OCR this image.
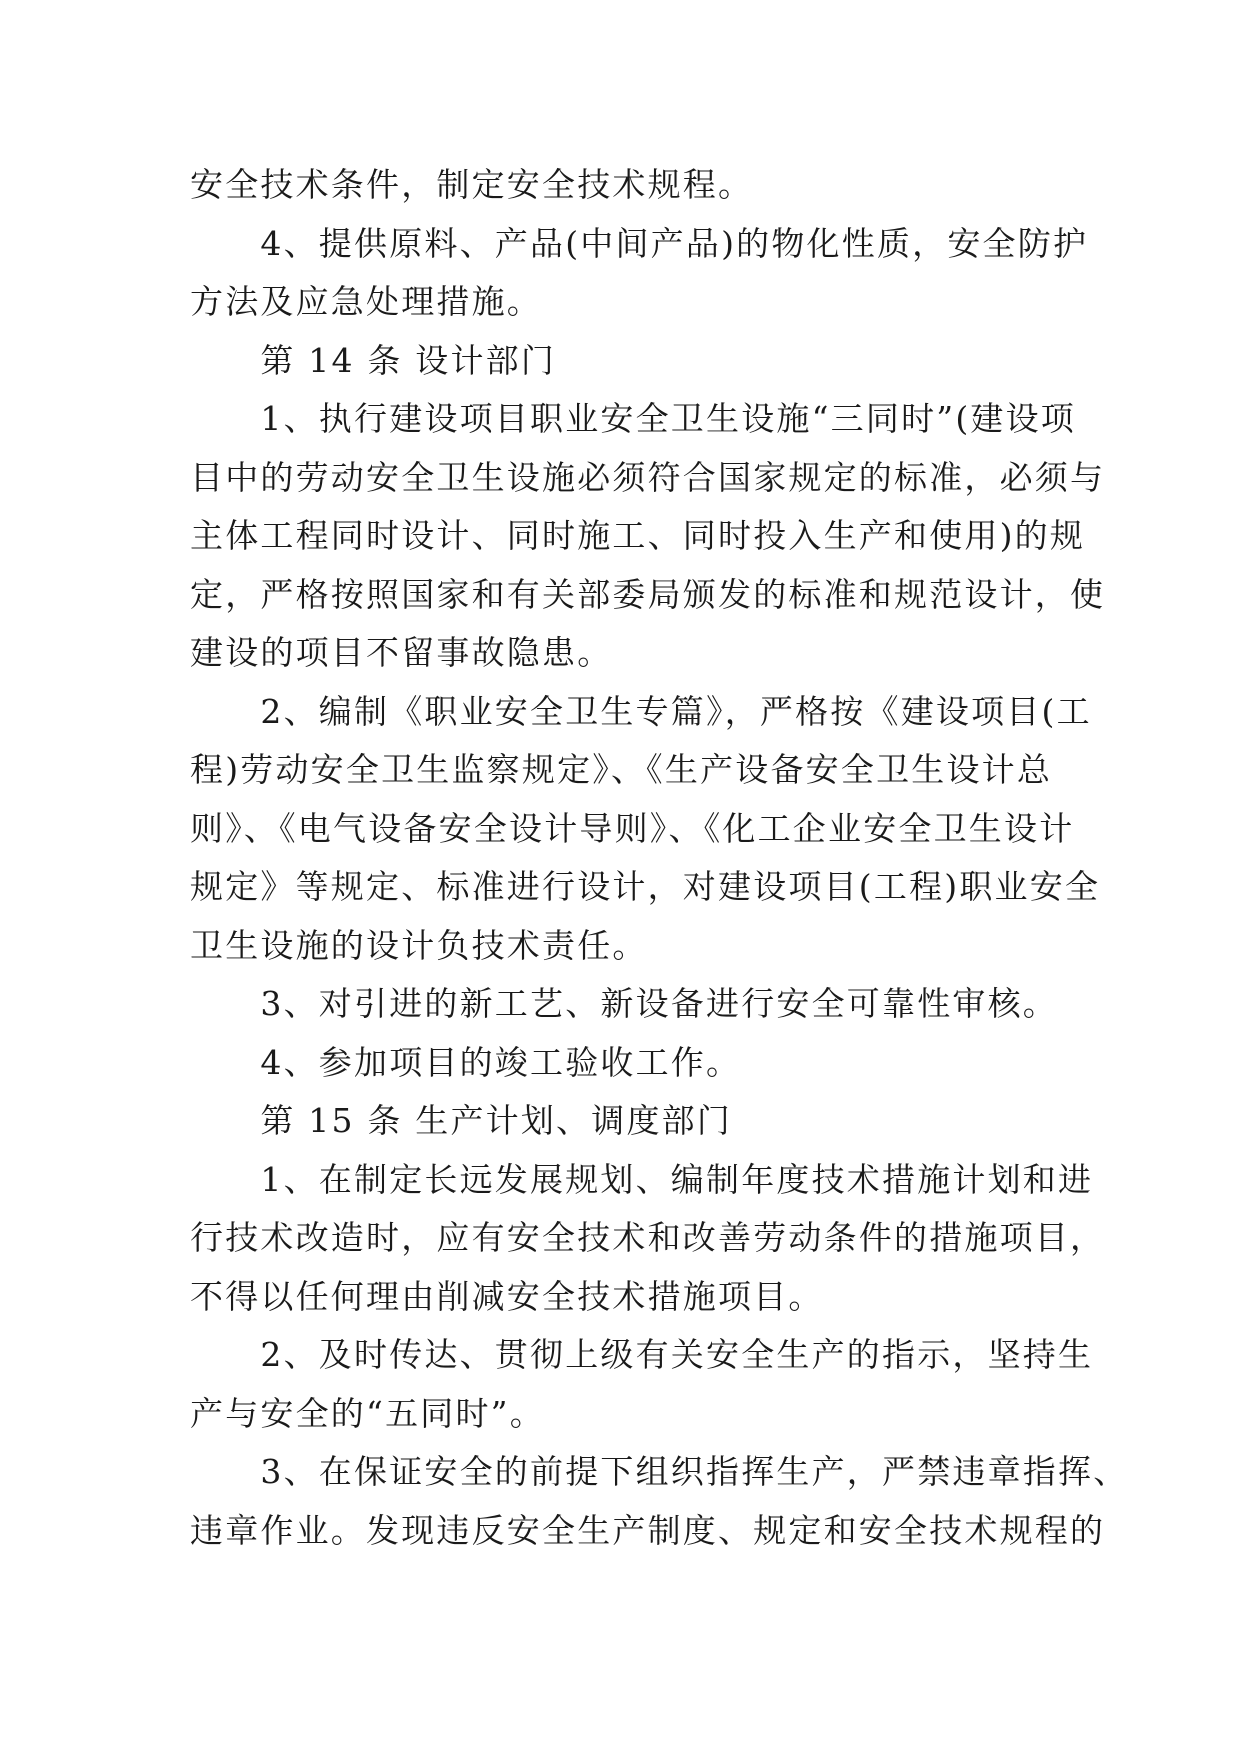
安全技术条件，制定安全技术规程。
　　4、提供原料、产品(中间产品)的物化性质，安全防护
方法及应急处理措施。
　　第 14 条 设计部门
　　1、执行建设项目职业安全卫生设施“三同时”(建设项
目中的劳动安全卫生设施必须符合国家规定的标准，必须与
主体工程同时设计、同时施工、同时投入生产和使用)的规
定，严格按照国家和有关部委局颁发的标准和规范设计，使
建设的项目不留事故隐患。
　　2、编制《职业安全卫生专篇》，严格按《建设项目(工
程)劳动安全卫生监察规定》、《生产设备安全卫生设计总
则》、《电气设备安全设计导则》、《化工企业安全卫生设计
规定》等规定、标准进行设计，对建设项目(工程)职业安全
卫生设施的设计负技术责任。
　　3、对引进的新工艺、新设备进行安全可靠性审核。
　　4、参加项目的竣工验收工作。
　　第 15 条 生产计划、调度部门
　　1、在制定长远发展规划、编制年度技术措施计划和进
行技术改造时，应有安全技术和改善劳动条件的措施项目，
不得以任何理由削减安全技术措施项目。
　　2、及时传达、贯彻上级有关安全生产的指示，坚持生
产与安全的“五同时”。
　　3、在保证安全的前提下组织指挥生产，严禁违章指挥、
违章作业。发现违反安全生产制度、规定和安全技术规程的
